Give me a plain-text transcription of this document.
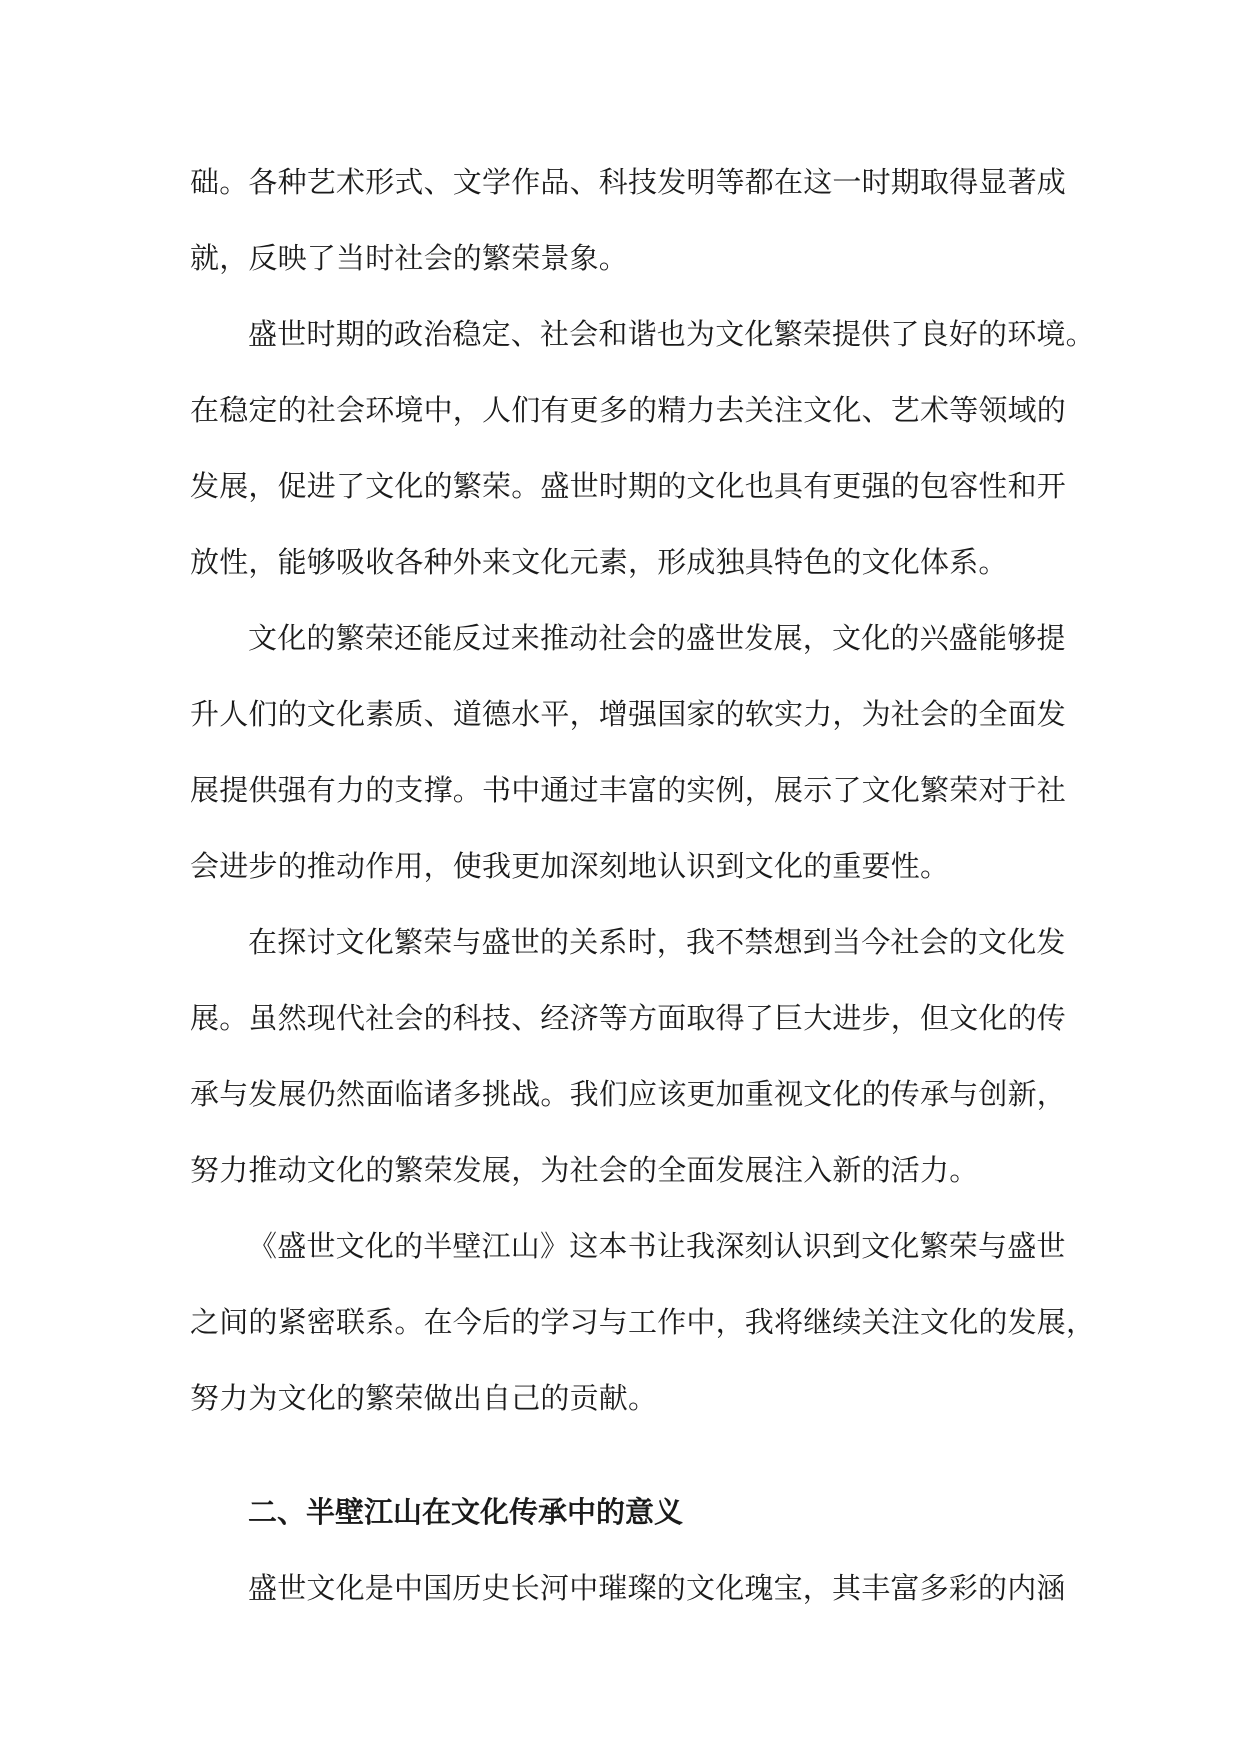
础。各种艺术形式、文学作品、科技发明等都在这一时期取得显著成
就，反映了当时社会的繁荣景象。
盛世时期的政治稳定、社会和谐也为文化繁荣提供了良好的环境。
在稳定的社会环境中，人们有更多的精力去关注文化、艺术等领域的
发展，促进了文化的繁荣。盛世时期的文化也具有更强的包容性和开
放性，能够吸收各种外来文化元素，形成独具特色的文化体系。
文化的繁荣还能反过来推动社会的盛世发展，文化的兴盛能够提
升人们的文化素质、道德水平，增强国家的软实力，为社会的全面发
展提供强有力的支撑。书中通过丰富的实例，展示了文化繁荣对于社
会进步的推动作用，使我更加深刻地认识到文化的重要性。
在探讨文化繁荣与盛世的关系时，我不禁想到当今社会的文化发
展。虽然现代社会的科技、经济等方面取得了巨大进步，但文化的传
承与发展仍然面临诸多挑战。我们应该更加重视文化的传承与创新，
努力推动文化的繁荣发展，为社会的全面发展注入新的活力。
《盛世文化的半壁江山》这本书让我深刻认识到文化繁荣与盛世
之间的紧密联系。在今后的学习与工作中，我将继续关注文化的发展，
努力为文化的繁荣做出自己的贡献。
二、半壁江山在文化传承中的意义
盛世文化是中国历史长河中璀璨的文化瑰宝，其丰富多彩的内涵
